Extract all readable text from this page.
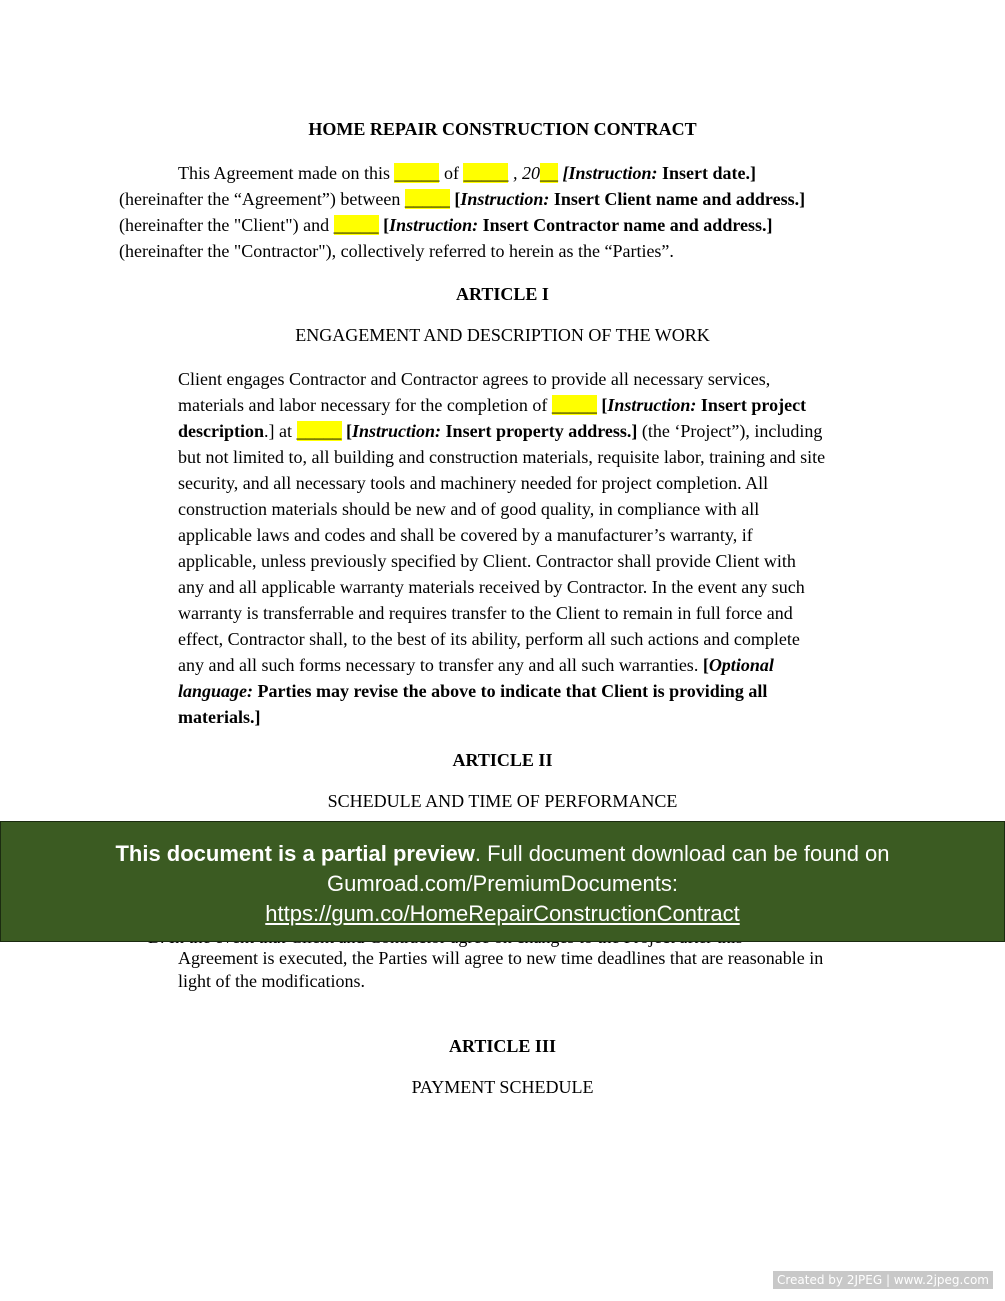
HOME REPAIR CONSTRUCTION CONTRACT
This Agreement made on this _____ of _____ , 20__ [Instruction: Insert date.]
(hereinafter the “Agreement”) between _____ [Instruction: Insert Client name and address.]
(hereinafter the "Client") and _____ [Instruction: Insert Contractor name and address.]
(hereinafter the "Contractor"), collectively referred to herein as the “Parties”.
ARTICLE I
ENGAGEMENT AND DESCRIPTION OF THE WORK
Client engages Contractor and Contractor agrees to provide all necessary services,
materials and labor necessary for the completion of _____ [Instruction: Insert project
description.] at _____ [Instruction: Insert property address.] (the ‘Project”), including
but not limited to, all building and construction materials, requisite labor, training and site
security, and all necessary tools and machinery needed for project completion. All
construction materials should be new and of good quality, in compliance with all
applicable laws and codes and shall be covered by a manufacturer’s warranty, if
applicable, unless previously specified by Client. Contractor shall provide Client with
any and all applicable warranty materials received by Contractor. In the event any such
warranty is transferrable and requires transfer to the Client to remain in full force and
effect, Contractor shall, to the best of its ability, perform all such actions and complete
any and all such forms necessary to transfer any and all such warranties. [Optional
language: Parties may revise the above to indicate that Client is providing all
materials.]
ARTICLE II
SCHEDULE AND TIME OF PERFORMANCE
Agreement is executed, the Parties will agree to new time deadlines that are reasonable in
light of the modifications.
ARTICLE III
PAYMENT SCHEDULE
This document is a partial preview. Full document download can be found on
Gumroad.com/PremiumDocuments:
https://gum.co/HomeRepairConstructionContract
Created by 2JPEG | www.2jpeg.com
